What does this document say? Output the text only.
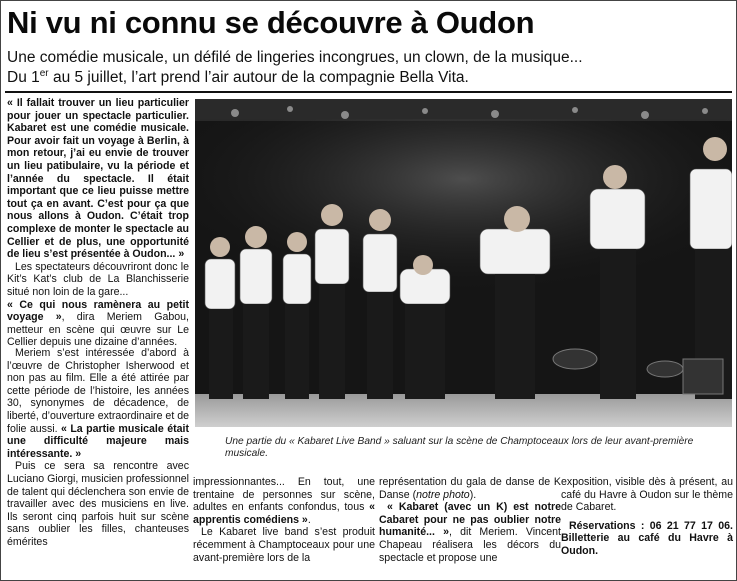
Ni vu ni connu se découvre à Oudon
Une comédie musicale, un défilé de lingeries incongrues, un clown, de la musique...
Du 1er au 5 juillet, l’art prend l’air autour de la compagnie Bella Vita.

« Il fallait trouver un lieu particulier pour jouer un spectacle particulier. Kabaret est une comédie musicale. Pour avoir fait un voyage à Berlin, à mon retour, j’ai eu envie de trouver un lieu patibulaire, vu la période et l’année du spectacle. Il était important que ce lieu puisse mettre tout ça en avant. C’est pour ça que nous allons à Oudon. C’était trop complexe de monter le spectacle au Cellier et de plus, une opportunité de lieu s’est présentée à Oudon... »

Les spectateurs découvriront donc le Kit’s Kat’s club de La Blanchisserie situé non loin de la gare...

« Ce qui nous ramènera au petit voyage », dira Meriem Gabou, metteur en scène qui œuvre sur Le Cellier depuis une dizaine d’années.

Meriem s’est intéressée d’abord à l’œuvre de Christopher Isherwood et non pas au film. Elle a été attirée par cette période de l’histoire, les années 30, synonymes de décadence, de liberté, d’ouverture extraordinaire et de folie aussi. « La partie musicale était une difficulté majeure mais intéressante. »

Puis ce sera sa rencontre avec Luciano Giorgi, musicien professionnel de talent qui déclenchera son envie de travailler avec des musiciens en live. Ils seront cinq parfois huit sur scène sans oublier les filles, chanteuses émérites

Une partie du « Kabaret Live Band » saluant sur la scène de Champtoceaux lors de leur avant-première musicale.

impressionnantes... En tout, une trentaine de personnes sur scène, adultes en enfants confondus, tous « apprentis comédiens ».

Le Kabaret live band s’est produit récemment à Champtoceaux pour une avant-première lors de la

représentation du gala de danse de K Danse (notre photo).

« Kabaret (avec un K) est notre Cabaret pour ne pas oublier notre humanité... », dit Meriem. Vincent Chapeau réalisera les décors du spectacle et propose une

exposition, visible dès à présent, au café du Havre à Oudon sur le thème de Cabaret.

Réservations : 06 21 77 17 06. Billetterie au café du Havre à Oudon.
